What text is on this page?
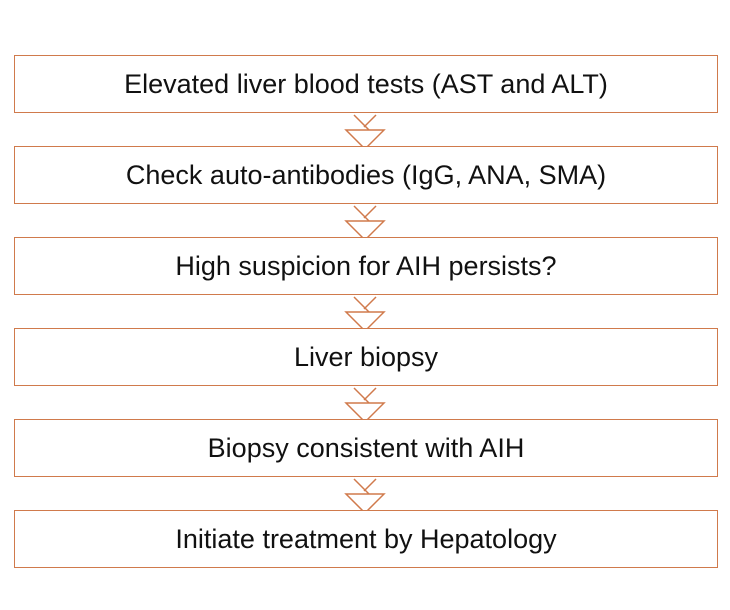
Elevated liver blood tests (AST and ALT)
Check auto-antibodies (IgG, ANA, SMA)
High suspicion for AIH persists?
Liver biopsy
Biopsy consistent with AIH
Initiate treatment by Hepatology
